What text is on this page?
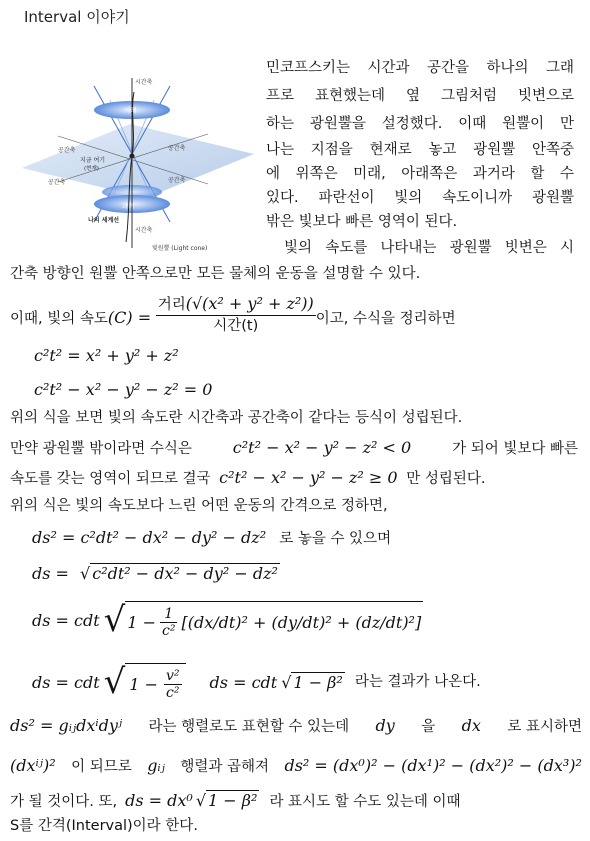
Interval 이야기
시간축
미래
공간축	공간축
지금 여기
(현재)
공간축	공간축
과거
나의 세계선
시간축
빛원뿔 (Light cone)
민코프스키는 시간과 공간을 하나의 그래
프로 표현했는데 옆 그림처럼 빗변으로
하는 광원뿔을 설정했다. 이때 원뿔이 만
나는 지점을 현재로 놓고 광원뿔 안쪽중
에 위쪽은 미래, 아래쪽은 과거라 할 수
있다. 파란선이 빛의 속도이니까 광원뿔
밖은 빛보다 빠른 영역이 된다.
빛의 속도를 나타내는 광원뿔 빗변은 시
간축 방향인 원뿔 안쪽으로만 모든 물체의 운동을 설명할 수 있다.
이때, 빛의 속도$(C) = \frac{\text{거리(√(x² + y² + z²))}}{\text{시간(t)}}$ 이고, 수식을 정리하면
c²t² = x² + y² + z²
c²t² − x² − y² − z² = 0
위의 식을 보면 빛의 속도란 시간축과 공간축이 같다는 등식이 성립된다.
만약 광원뿔 밖이라면 수식은	c²t² − x² − y² − z² < 0	가 되어 빛보다 빠른
속도를 갖는 영역이 되므로 결국 c²t² − x² − y² − z² ≥ 0 만 성립된다.
위의 식은 빛의 속도보다 느린 어떤 운동의 간격으로 정하면,
ds² = c²dt² − dx² − dy² − dz² 로 놓을 수 있으며
ds = √ c²dt² − dx² − dy² − dz²
ds = cdt √ $1 - \frac{1}{\text{c²}} [(dx/dt)^2 + (dy/dt)^2 + (dz/dt)^2]$
ds = cdt √ $1 - \frac{\text{v²}}{\text{c²}}$ ds = cdt √ 1 − β² 라는 결과가 나온다.
ds² = gᵢⱼdxⁱdyʲ 라는 행렬로도 표현할 수 있는데 dy 을 dx 로 표시하면
(dxⁱʲ)² 이 되므로 gᵢⱼ 행렬과 곱해져 ds² = (dx⁰)² − (dx¹)² − (dx²)² − (dx³)²
가 될 것이다. 또, ds = dx⁰ √ 1 − β² 라 표시도 할 수도 있는데 이때
S를 간격(Interval)이라 한다.
